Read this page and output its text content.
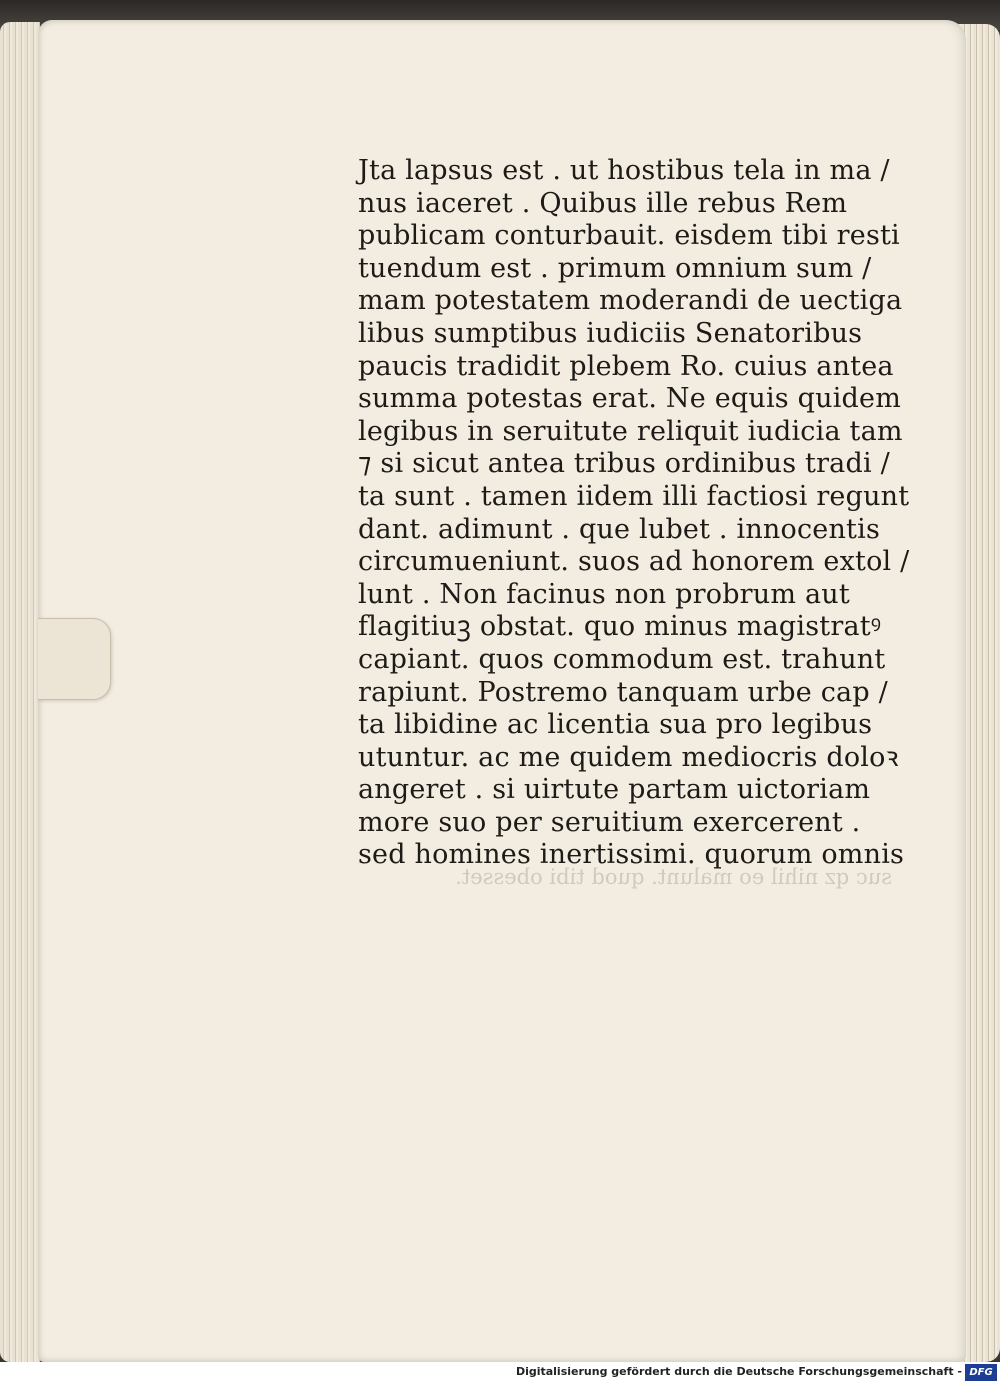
Jta lapsus est . ut hostibus tela in ma /
nus iaceret . Quibus ille rebus Rem
publicam conturbauit. eisdem tibi resti
tuendum est . primum omnium sum /
mam potestatem moderandi de uectiga
libus sumptibus iudiciis Senatoribus
paucis tradidit plebem Ro. cuius antea
summa potestas erat. Ne equis quidem
legibus in seruitute reliquit iudicia tam
⁊ si sicut antea tribus ordinibus tradi /
ta sunt . tamen iidem illi factiosi regunt
dant. adimunt . que lubet . innocentis
circumueniunt. suos ad honorem extol /
lunt . Non facinus non probrum aut
flagitiuꝫ obstat. quo minus magistratꝰ
capiant. quos commodum est. trahunt
rapiunt. Postremo tanquam urbe cap /
ta libidine ac licentia sua pro legibus
utuntur. ac me quidem mediocris doloꝛ
angeret . si uirtute partam uictoriam
more suo per seruitium exercerent .
sed homines inertissimi. quorum omnis
suc qz nihil eo malunt. quod tibi obesset.
Digitalisierung gefördert durch die Deutsche Forschungsgemeinschaft - DFG
